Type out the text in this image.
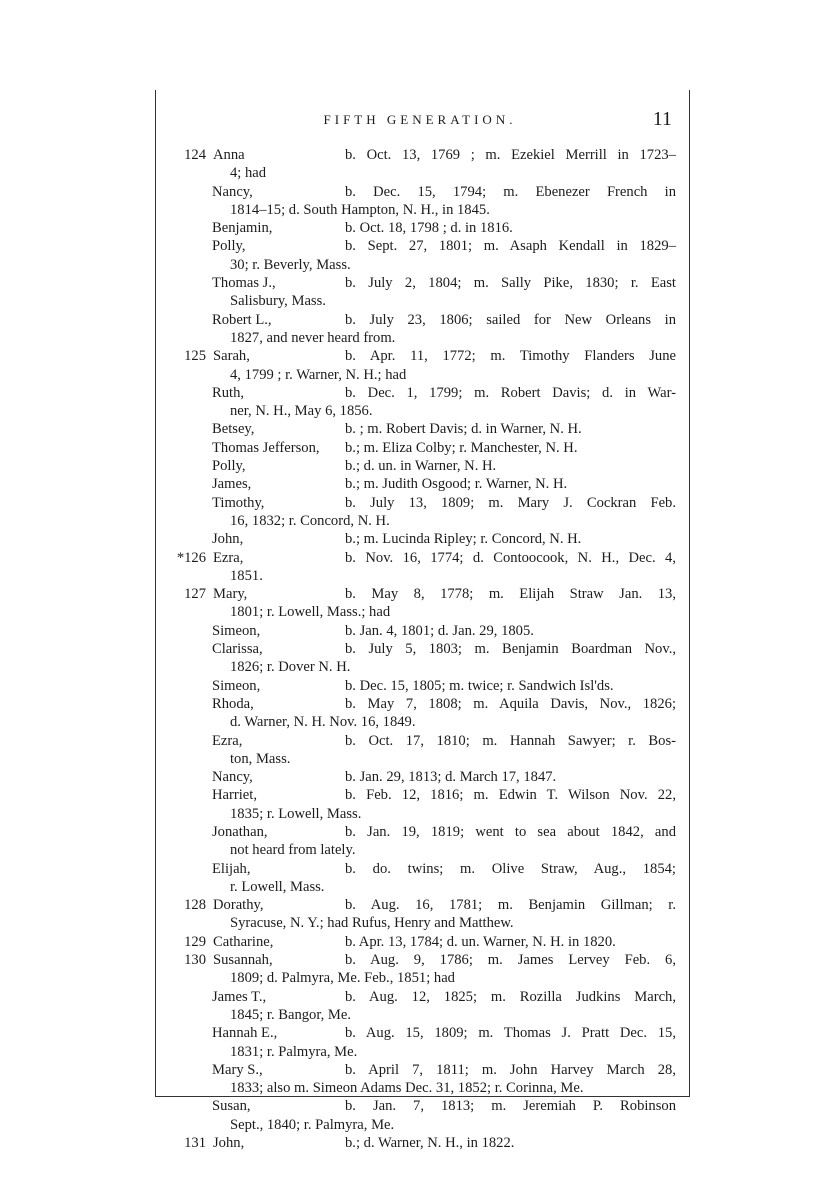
FIFTH GENERATION.	11
124 Anna	b. Oct. 13, 1769 ; m. Ezekiel Merrill in 1723–
4; had
Nancy,	b. Dec. 15, 1794; m. Ebenezer French in
1814–15; d. South Hampton, N. H., in 1845.
Benjamin,	b. Oct. 18, 1798 ; d. in 1816.
Polly,	b. Sept. 27, 1801; m. Asaph Kendall in 1829–
30; r. Beverly, Mass.
Thomas J.,	b. July 2, 1804; m. Sally Pike, 1830; r. East
Salisbury, Mass.
Robert L.,	b. July 23, 1806; sailed for New Orleans in
1827, and never heard from.
125 Sarah,	b. Apr. 11, 1772; m. Timothy Flanders June
4, 1799 ; r. Warner, N. H.; had
Ruth,	b. Dec. 1, 1799; m. Robert Davis; d. in War-
ner, N. H., May 6, 1856.
Betsey,	b. ; m. Robert Davis; d. in Warner, N. H.
Thomas Jefferson, b.; m. Eliza Colby; r. Manchester, N. H.
Polly,	b.; d. un. in Warner, N. H.
James,	b.; m. Judith Osgood; r. Warner, N. H.
Timothy,	b. July 13, 1809; m. Mary J. Cockran Feb.
16, 1832; r. Concord, N. H.
John,	b.; m. Lucinda Ripley; r. Concord, N. H.
*126 Ezra,	b. Nov. 16, 1774; d. Contoocook, N. H., Dec. 4,
1851.
127 Mary,	b. May 8, 1778; m. Elijah Straw Jan. 13,
1801; r. Lowell, Mass.; had
Simeon,	b. Jan. 4, 1801; d. Jan. 29, 1805.
Clarissa,	b. July 5, 1803; m. Benjamin Boardman Nov.,
1826; r. Dover N. H.
Simeon,	b. Dec. 15, 1805; m. twice; r. Sandwich Isl'ds.
Rhoda,	b. May 7, 1808; m. Aquila Davis, Nov., 1826;
d. Warner, N. H. Nov. 16, 1849.
Ezra,	b. Oct. 17, 1810; m. Hannah Sawyer; r. Bos-
ton, Mass.
Nancy,	b. Jan. 29, 1813; d. March 17, 1847.
Harriet,	b. Feb. 12, 1816; m. Edwin T. Wilson Nov. 22,
1835; r. Lowell, Mass.
Jonathan,	b. Jan. 19, 1819; went to sea about 1842, and
not heard from lately.
Elijah,	b. do. twins; m. Olive Straw, Aug., 1854;
r. Lowell, Mass.
128 Dorathy,	b. Aug. 16, 1781; m. Benjamin Gillman; r.
Syracuse, N. Y.; had Rufus, Henry and Matthew.
129 Catharine,	b. Apr. 13, 1784; d. un. Warner, N. H. in 1820.
130 Susannah,	b. Aug. 9, 1786; m. James Lervey Feb. 6,
1809; d. Palmyra, Me. Feb., 1851; had
James T.,	b. Aug. 12, 1825; m. Rozilla Judkins March,
1845; r. Bangor, Me.
Hannah E.,	b. Aug. 15, 1809; m. Thomas J. Pratt Dec. 15,
1831; r. Palmyra, Me.
Mary S.,	b. April 7, 1811; m. John Harvey March 28,
1833; also m. Simeon Adams Dec. 31, 1852; r. Corinna, Me.
Susan,	b. Jan. 7, 1813; m. Jeremiah P. Robinson
Sept., 1840; r. Palmyra, Me.
131 John,	b.; d. Warner, N. H., in 1822.
